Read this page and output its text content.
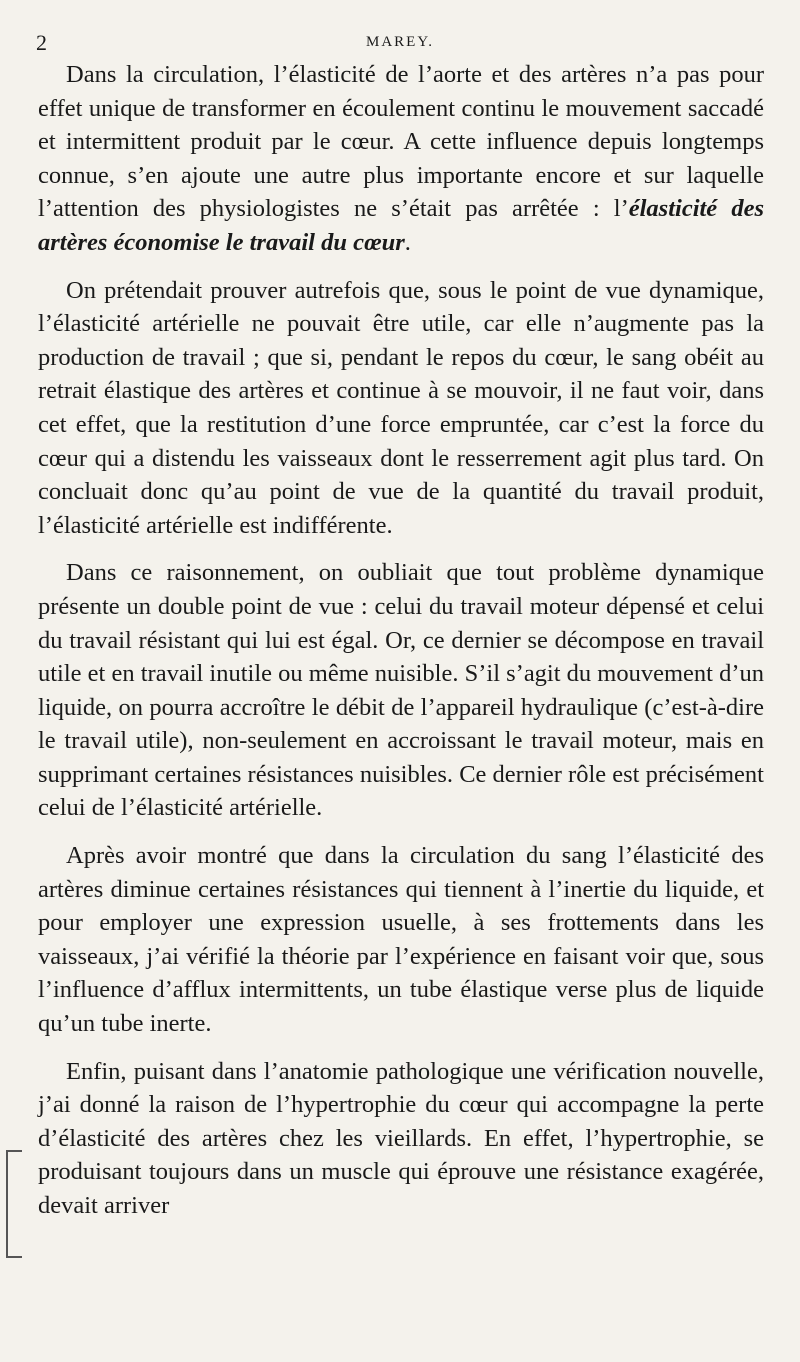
2	MAREY.

Dans la circulation, l’élasticité de l’aorte et des artères n’a pas pour effet unique de transformer en écoulement continu le mouvement saccadé et intermittent produit par le cœur. A cette influence depuis longtemps connue, s’en ajoute une autre plus importante encore et sur laquelle l’attention des physiologistes ne s’était pas arrêtée : l’élasticité des artères économise le travail du cœur.

On prétendait prouver autrefois que, sous le point de vue dynamique, l’élasticité artérielle ne pouvait être utile, car elle n’augmente pas la production de travail ; que si, pendant le repos du cœur, le sang obéit au retrait élastique des artères et continue à se mouvoir, il ne faut voir, dans cet effet, que la restitution d’une force empruntée, car c’est la force du cœur qui a distendu les vaisseaux dont le resserrement agit plus tard. On concluait donc qu’au point de vue de la quantité du travail produit, l’élasticité artérielle est indifférente.

Dans ce raisonnement, on oubliait que tout problème dynamique présente un double point de vue : celui du travail moteur dépensé et celui du travail résistant qui lui est égal. Or, ce dernier se décompose en travail utile et en travail inutile ou même nuisible. S’il s’agit du mouvement d’un liquide, on pourra accroître le débit de l’appareil hydraulique (c’est-à-dire le travail utile), non-seulement en accroissant le travail moteur, mais en supprimant certaines résistances nuisibles. Ce dernier rôle est précisément celui de l’élasticité artérielle.

Après avoir montré que dans la circulation du sang l’élasticité des artères diminue certaines résistances qui tiennent à l’inertie du liquide, et pour employer une expression usuelle, à ses frottements dans les vaisseaux, j’ai vérifié la théorie par l’expérience en faisant voir que, sous l’influence d’afflux intermittents, un tube élastique verse plus de liquide qu’un tube inerte.

Enfin, puisant dans l’anatomie pathologique une vérification nouvelle, j’ai donné la raison de l’hypertrophie du cœur qui accompagne la perte d’élasticité des artères chez les vieillards. En effet, l’hypertrophie, se produisant toujours dans un muscle qui éprouve une résistance exagérée, devait arriver
